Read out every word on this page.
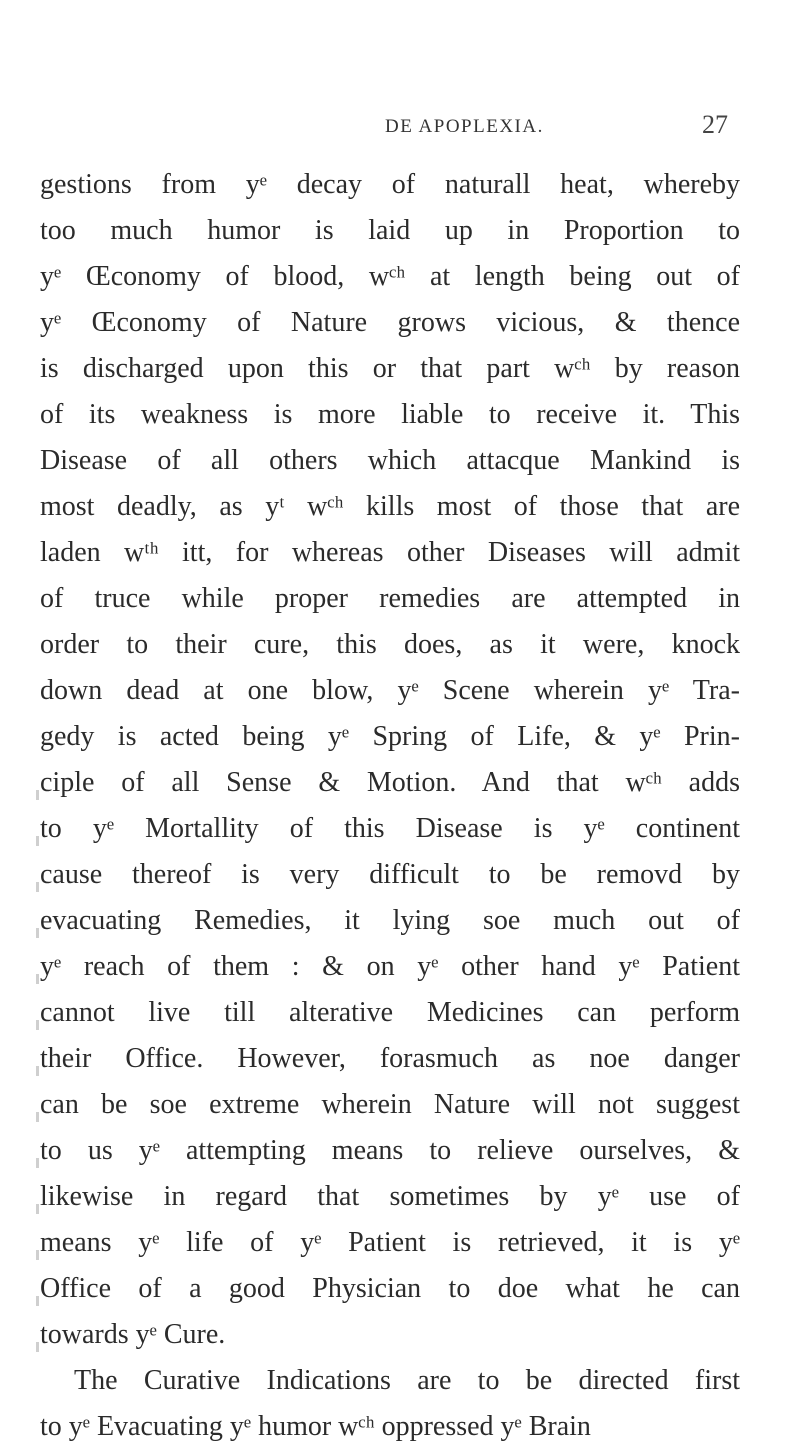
DE APOPLEXIA.	27
gestions from yᵉ decay of naturall heat, whereby
too much humor is laid up in Proportion to
yᵉ Œconomy of blood, wᶜʰ at length being out of
yᵉ Œconomy of Nature grows vicious, & thence
is discharged upon this or that part wᶜʰ by reason
of its weakness is more liable to receive it. This
Disease of all others which attacque Mankind is
most deadly, as yᵗ wᶜʰ kills most of those that are
laden wᵗʰ itt, for whereas other Diseases will admit
of truce while proper remedies are attempted in
order to their cure, this does, as it were, knock
down dead at one blow, yᵉ Scene wherein yᵉ Tra-
gedy is acted being yᵉ Spring of Life, & yᵉ Prin-
ciple of all Sense & Motion. And that wᶜʰ adds
to yᵉ Mortallity of this Disease is yᵉ continent
cause thereof is very difficult to be removd by
evacuating Remedies, it lying soe much out of
yᵉ reach of them : & on yᵉ other hand yᵉ Patient
cannot live till alterative Medicines can perform
their Office. However, forasmuch as noe danger
can be soe extreme wherein Nature will not suggest
to us yᵉ attempting means to relieve ourselves, &
likewise in regard that sometimes by yᵉ use of
means yᵉ life of yᵉ Patient is retrieved, it is yᵉ
Office of a good Physician to doe what he can
towards yᵉ Cure.
The Curative Indications are to be directed first
to yᵉ Evacuating yᵉ humor wᶜʰ oppressed yᵉ Brain
